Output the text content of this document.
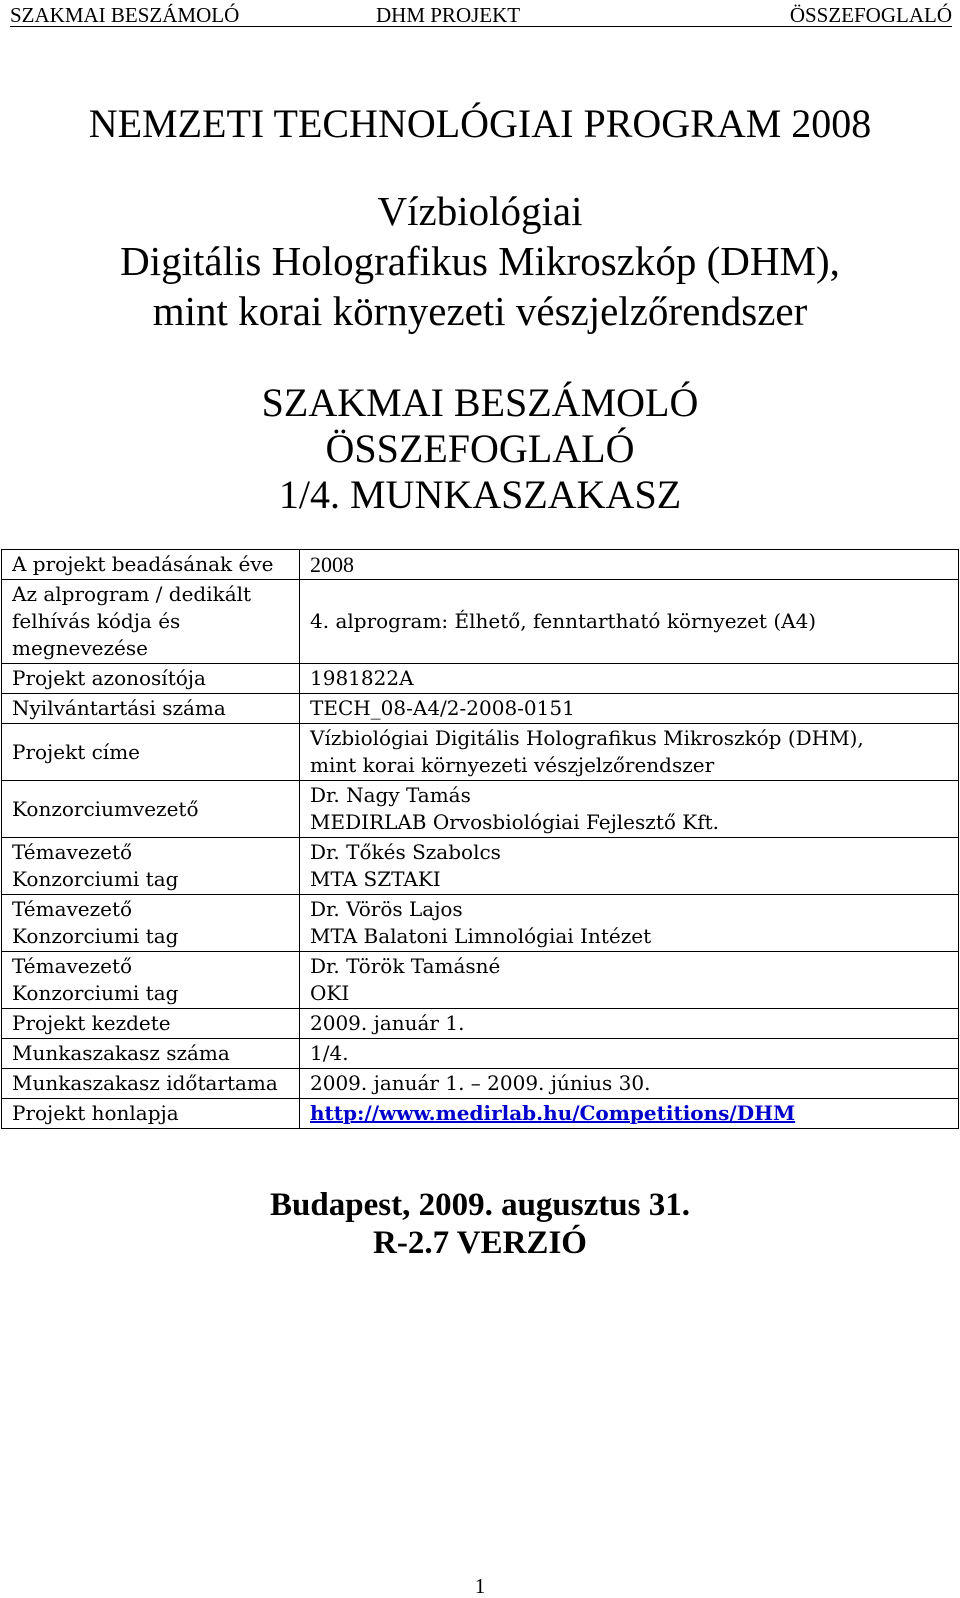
SZAKMAI BESZÁMOLÓ	DHM PROJEKT	ÖSSZEFOGLALÓ
NEMZETI TECHNOLÓGIAI PROGRAM 2008
Vízbiológiai
Digitális Holografikus Mikroszkóp (DHM),
mint korai környezeti vészjelzőrendszer
SZAKMAI BESZÁMOLÓ
ÖSSZEFOGLALÓ
1/4. MUNKASZAKASZ
A projekt beadásának éve	2008

Az alprogram / dedikált
felhívás kódja és
megnevezése	4. alprogram: Élhető, fenntartható környezet (A4)
Projekt azonosítója	1981822A
Nyilvántartási száma	TECH_08-A4/2-2008-0151
Projekt címe	Vízbiológiai Digitális Holografikus Mikroszkóp (DHM),
mint korai környezeti vészjelzőrendszer

Konzorciumvezető	Dr. Nagy Tamás
MEDIRLAB Orvosbiológiai Fejlesztő Kft.

Témavezető
Konzorciumi tag	Dr. Tőkés Szabolcs
MTA SZTAKI

Témavezető
Konzorciumi tag	Dr. Vörös Lajos
MTA Balatoni Limnológiai Intézet

Témavezető
Konzorciumi tag	Dr. Török Tamásné
OKI

Projekt kezdete	2009. január 1.
Munkaszakasz száma	1/4.
Munkaszakasz időtartama	2009. január 1. – 2009. június 30.
Projekt honlapja	http://www.medirlab.hu/Competitions/DHM
Budapest, 2009. augusztus 31.
R-2.7 VERZIÓ
1
